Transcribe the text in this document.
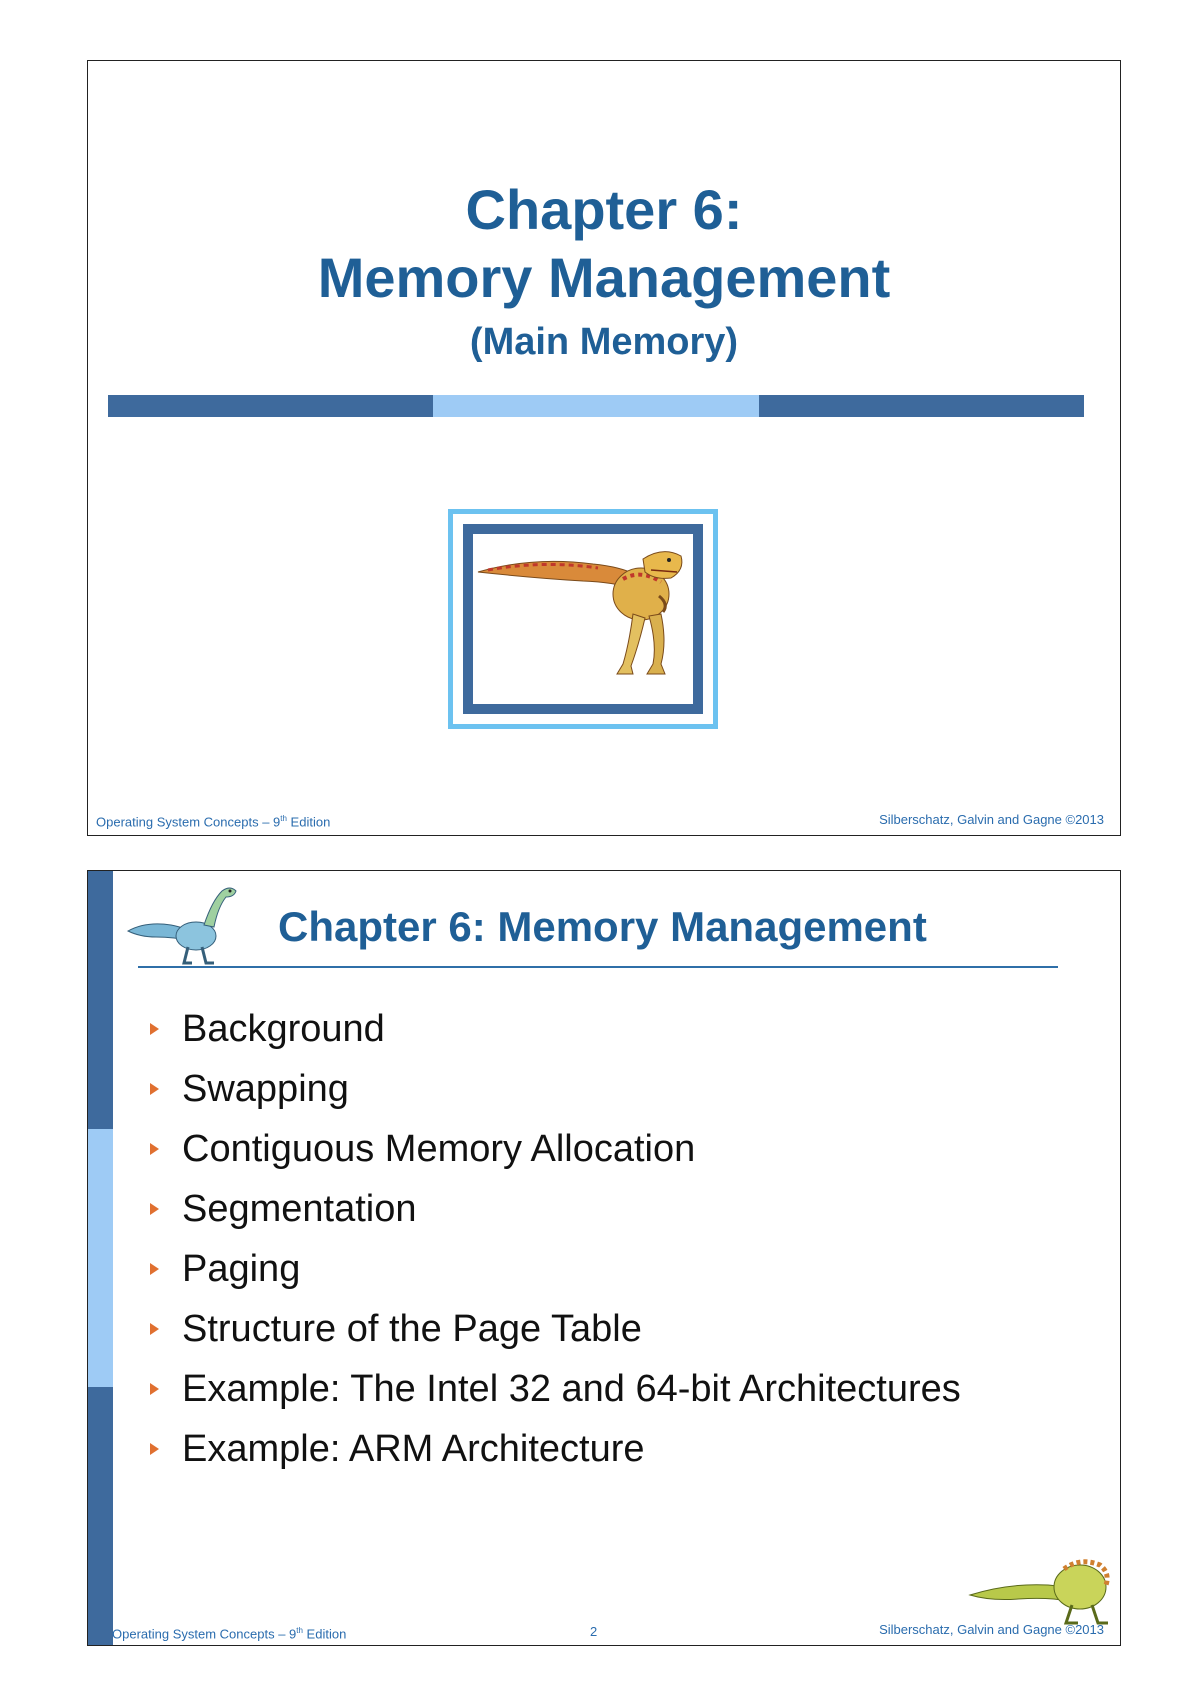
Chapter 6:
Memory Management
(Main Memory)
Operating System Concepts – 9th Edition	Silberschatz, Galvin and Gagne ©2013
Chapter 6: Memory Management
Background
Swapping
Contiguous Memory Allocation
Segmentation
Paging
Structure of the Page Table
Example: The Intel 32 and 64-bit Architectures
Example: ARM Architecture
Operating System Concepts – 9th Edition	2	Silberschatz, Galvin and Gagne ©2013
